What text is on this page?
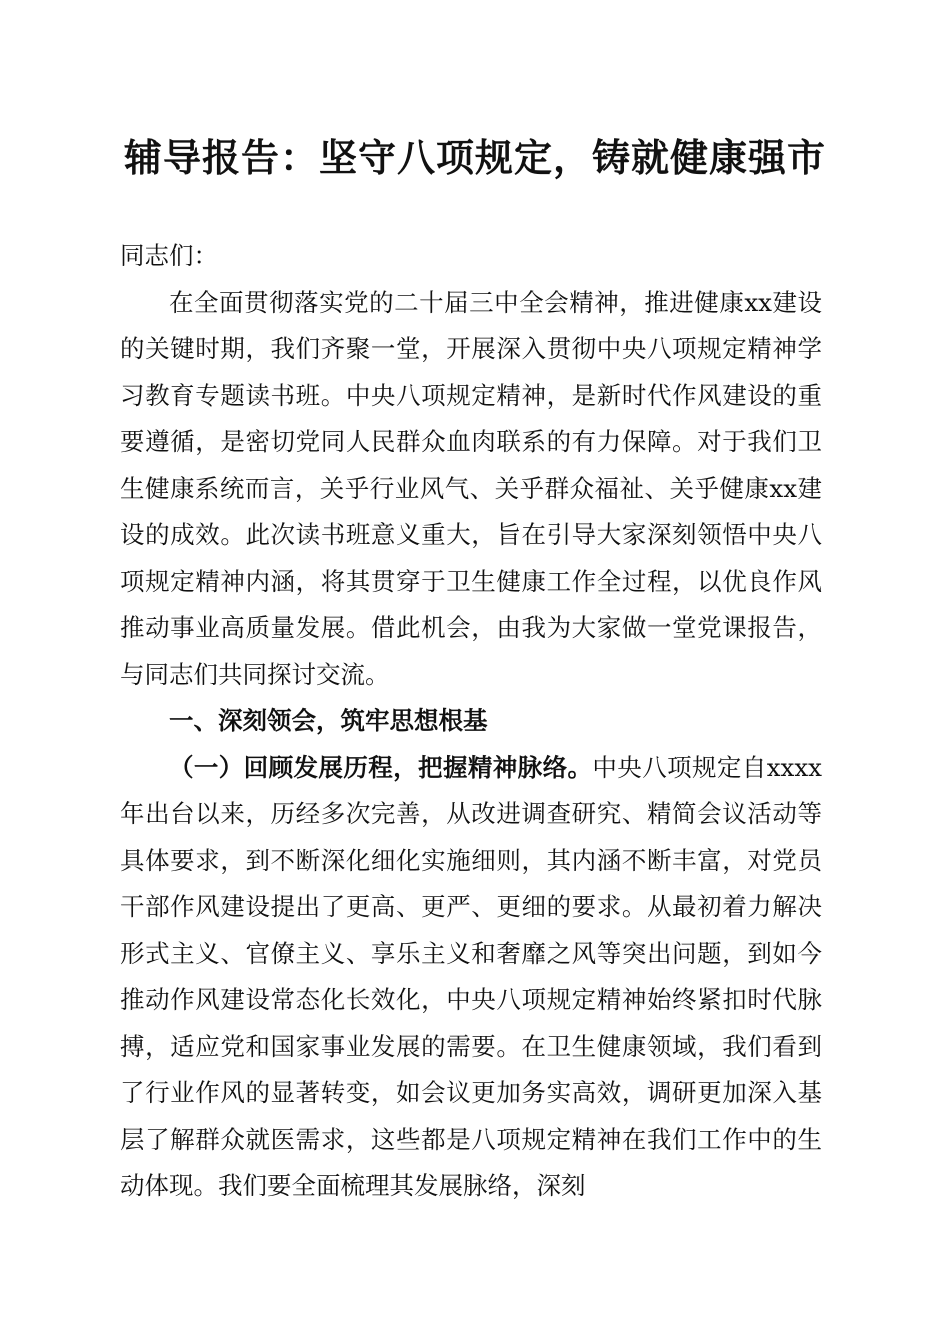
辅导报告：坚守八项规定，铸就健康强市

同志们：

在全面贯彻落实党的二十届三中全会精神，推进健康xx建设的关键时期，我们齐聚一堂，开展深入贯彻中央八项规定精神学习教育专题读书班。中央八项规定精神，是新时代作风建设的重要遵循，是密切党同人民群众血肉联系的有力保障。对于我们卫生健康系统而言，关乎行业风气、关乎群众福祉、关乎健康xx建设的成效。此次读书班意义重大，旨在引导大家深刻领悟中央八项规定精神内涵，将其贯穿于卫生健康工作全过程，以优良作风推动事业高质量发展。借此机会，由我为大家做一堂党课报告，与同志们共同探讨交流。

一、深刻领会，筑牢思想根基

（一）回顾发展历程，把握精神脉络。中央八项规定自xxxx年出台以来，历经多次完善，从改进调查研究、精简会议活动等具体要求，到不断深化细化实施细则，其内涵不断丰富，对党员干部作风建设提出了更高、更严、更细的要求。从最初着力解决形式主义、官僚主义、享乐主义和奢靡之风等突出问题，到如今推动作风建设常态化长效化，中央八项规定精神始终紧扣时代脉搏，适应党和国家事业发展的需要。在卫生健康领域，我们看到了行业作风的显著转变，如会议更加务实高效，调研更加深入基层了解群众就医需求，这些都是八项规定精神在我们工作中的生动体现。我们要全面梳理其发展脉络，深刻
